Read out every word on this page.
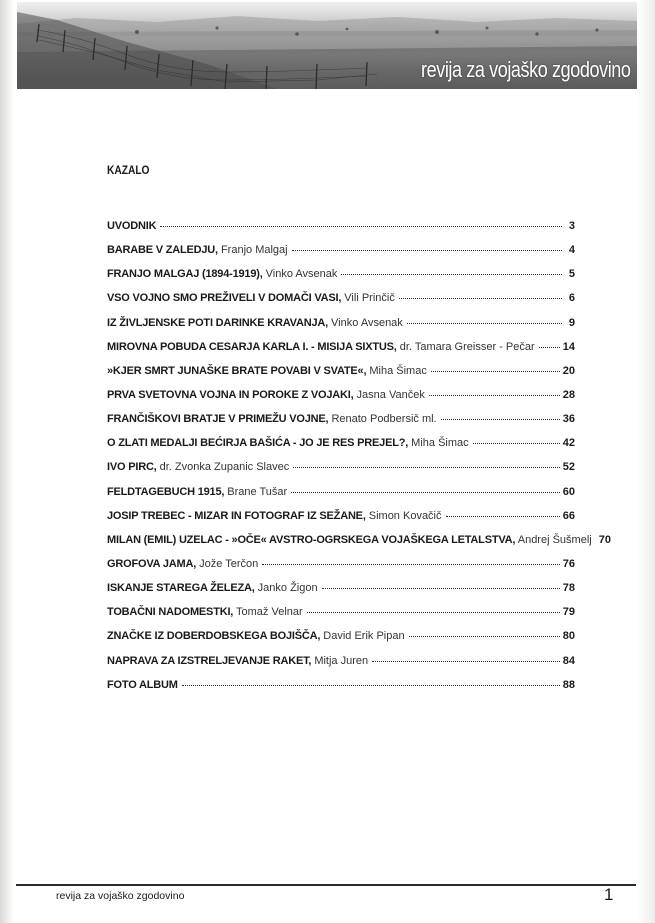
revija za vojaško zgodovino
KAZALO
UVODNIK	3
BARABE V ZALEDJU, Franjo Malgaj	4
FRANJO MALGAJ (1894-1919), Vinko Avsenak	5
VSO VOJNO SMO PREŽIVELI V DOMAČI VASI, Vili Prinčič	6
IZ ŽIVLJENSKE POTI DARINKE KRAVANJA, Vinko Avsenak	9
MIROVNA POBUDA CESARJA KARLA I. - MISIJA SIXTUS, dr. Tamara Greisser - Pečar	14
»KJER SMRT JUNAŠKE BRATE POVABI V SVATE«, Miha Šimac	20
PRVA SVETOVNA VOJNA IN POROKE Z VOJAKI, Jasna Vanček	28
FRANČIŠKOVI BRATJE V PRIMEŽU VOJNE, Renato Podbersič ml.	36
O ZLATI MEDALJI BEĆIRJA BAŠIĆA - JO JE RES PREJEL?, Miha Šimac	42
IVO PIRC, dr. Zvonka Zupanic Slavec	52
FELDTAGEBUCH 1915, Brane Tušar	60
JOSIP TREBEC - MIZAR IN FOTOGRAF IZ SEŽANE, Simon Kovačič	66
MILAN (EMIL) UZELAC - »OČE« AVSTRO-OGRSKEGA VOJAŠKEGA LETALSTVA, Andrej Šušmelj 70
GROFOVA JAMA, Jože Terčon	76
ISKANJE STAREGA ŽELEZA, Janko Žigon	78
TOBAČNI NADOMESTKI, Tomaž Velnar	79
ZNAČKE IZ DOBERDOBSKEGA BOJIŠČA, David Erik Pipan	80
NAPRAVA ZA IZSTRELJEVANJE RAKET, Mitja Juren	84
FOTO ALBUM	88
revija za vojaško zgodovino	1
